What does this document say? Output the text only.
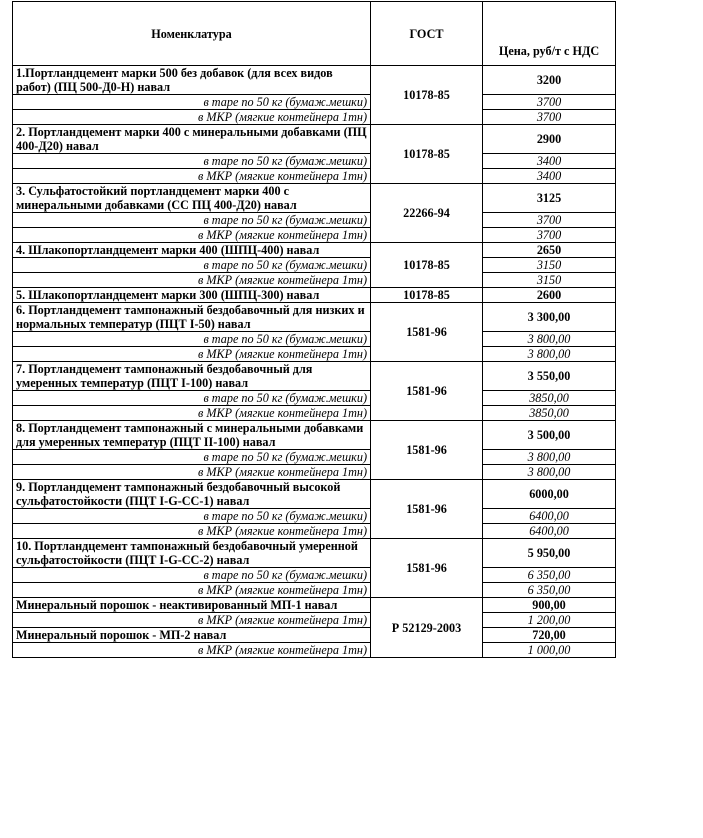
Номенклатура	ГОСТ	Цена, руб/т с НДС
1.Портландцемент марки 500 без добавок (для всех видов работ) (ПЦ 500-Д0-Н) навал	10178-85	3200
в таре по 50 кг (бумаж.мешки)		3700
в МКР (мягкие контейнера 1тн)		3700
2. Портландцемент марки 400 с минеральными добавками (ПЦ 400-Д20) навал	10178-85	2900
в таре по 50 кг (бумаж.мешки)		3400
в МКР (мягкие контейнера 1тн)		3400
3. Сульфатостойкий портландцемент марки 400 с минеральными добавками (СС ПЦ 400-Д20) навал	22266-94	3125
в таре по 50 кг (бумаж.мешки)		3700
в МКР (мягкие контейнера 1тн)		3700
4. Шлакопортландцемент марки 400 (ШПЦ-400) навал	10178-85	2650
в таре по 50 кг (бумаж.мешки)		3150
в МКР (мягкие контейнера 1тн)		3150
5. Шлакопортландцемент марки 300 (ШПЦ-300) навал	10178-85	2600
6. Портландцемент тампонажный бездобавочный для низких и нормальных температур (ПЦТ I-50) навал	1581-96	3 300,00
в таре по 50 кг (бумаж.мешки)		3 800,00
в МКР (мягкие контейнера 1тн)		3 800,00
7. Портландцемент тампонажный бездобавочный для умеренных температур (ПЦТ I-100) навал	1581-96	3 550,00
в таре по 50 кг (бумаж.мешки)		3850,00
в МКР (мягкие контейнера 1тн)		3850,00
8. Портландцемент тампонажный с минеральными добавками для умеренных температур (ПЦТ II-100) навал	1581-96	3 500,00
в таре по 50 кг (бумаж.мешки)		3 800,00
в МКР (мягкие контейнера 1тн)		3 800,00
9. Портландцемент тампонажный бездобавочный высокой сульфатостойкости (ПЦТ I-G-CC-1) навал	1581-96	6000,00
в таре по 50 кг (бумаж.мешки)		6400,00
в МКР (мягкие контейнера 1тн)		6400,00
10. Портландцемент тампонажный бездобавочный умеренной сульфатостойкости (ПЦТ I-G-CC-2) навал	1581-96	5 950,00
в таре по 50 кг (бумаж.мешки)		6 350,00
в МКР (мягкие контейнера 1тн)		6 350,00
Минеральный порошок - неактивированный МП-1 навал	Р 52129-2003	900,00
в МКР (мягкие контейнера 1тн)		1 200,00
Минеральный порошок - МП-2 навал		720,00
в МКР (мягкие контейнера 1тн)		1 000,00
